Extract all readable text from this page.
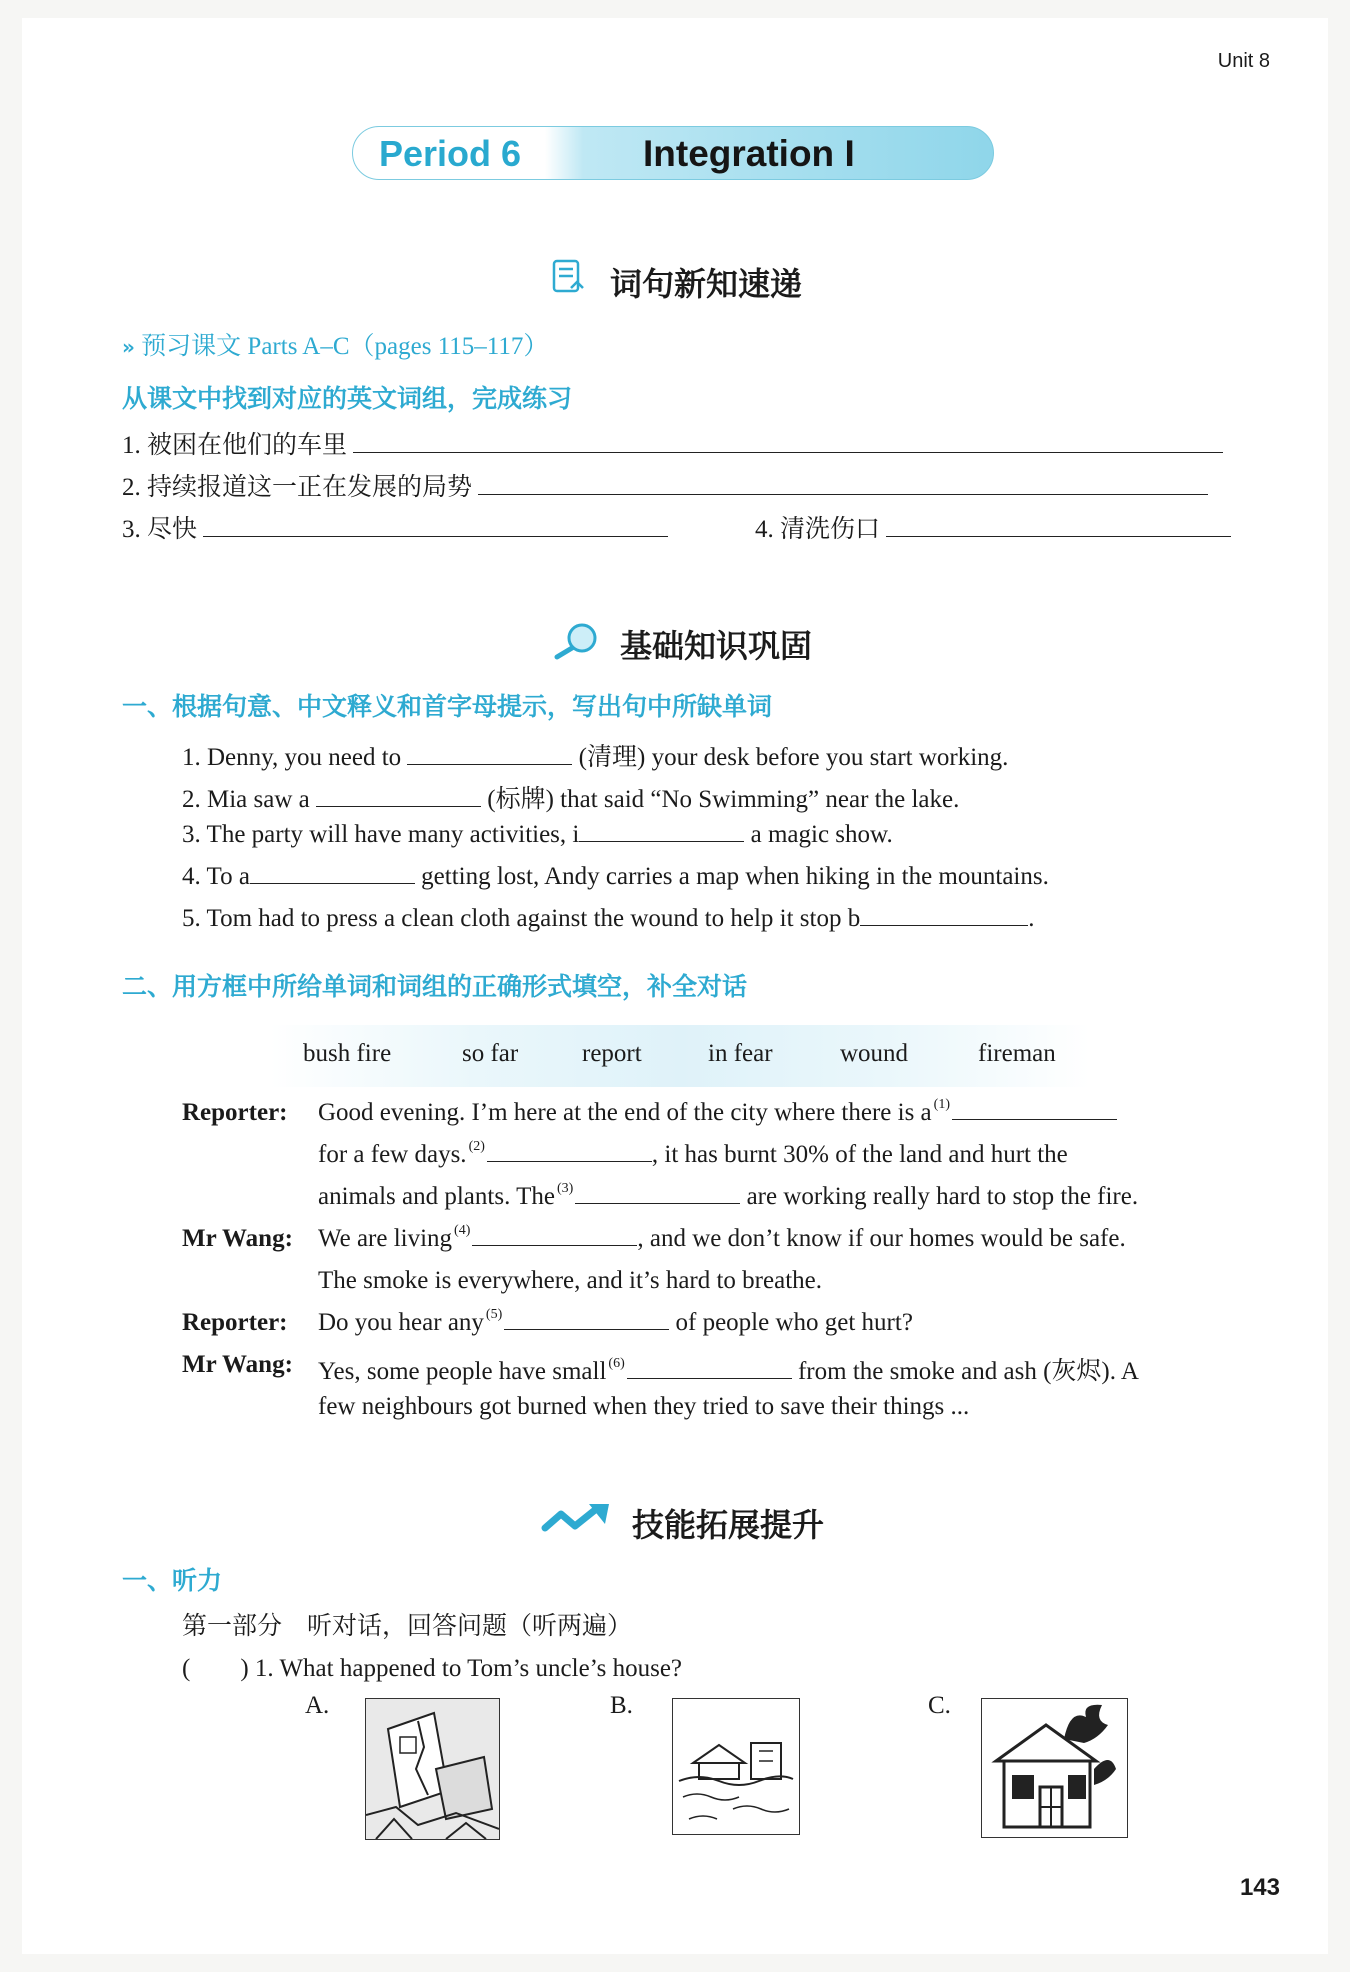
Unit 8
Period 6	Integration I
词句新知速递
» 预习课文 Parts A–C（pages 115–117）
从课文中找到对应的英文词组，完成练习
1. 被困在他们的车里
2. 持续报道这一正在发展的局势
3. 尽快	4. 清洗伤口
基础知识巩固
一、根据句意、中文释义和首字母提示，写出句中所缺单词
1. Denny, you need to	(清理) your desk before you start working.
2. Mia saw a	(标牌) that said “No Swimming” near the lake.
3. The party will have many activities, i	a magic show.
4. To a	getting lost, Andy carries a map when hiking in the mountains.
5. Tom had to press a clean cloth against the wound to help it stop b	.
二、用方框中所给单词和词组的正确形式填空，补全对话
bush fire	so far	report	in fear	wound	fireman
Reporter: Good evening. I’m here at the end of the city where there is a $^{(1)}$
for a few days. $^{(2)}$	, it has burnt 30% of the land and hurt the
animals and plants. The $^{(3)}$	are working really hard to stop the fire.
Mr Wang: We are living $^{(4)}$	, and we don’t know if our homes would be safe.
The smoke is everywhere, and it’s hard to breathe.
Reporter: Do you hear any $^{(5)}$	of people who get hurt?
Mr Wang: Yes, some people have small $^{(6)}$	from the smoke and ash (灰烬). A
few neighbours got burned when they tried to save their things ...
技能拓展提升
一、听力
第一部分　听对话，回答问题（听两遍）
(　　) 1. What happened to Tom’s uncle’s house?
A.	B.	C.
143
